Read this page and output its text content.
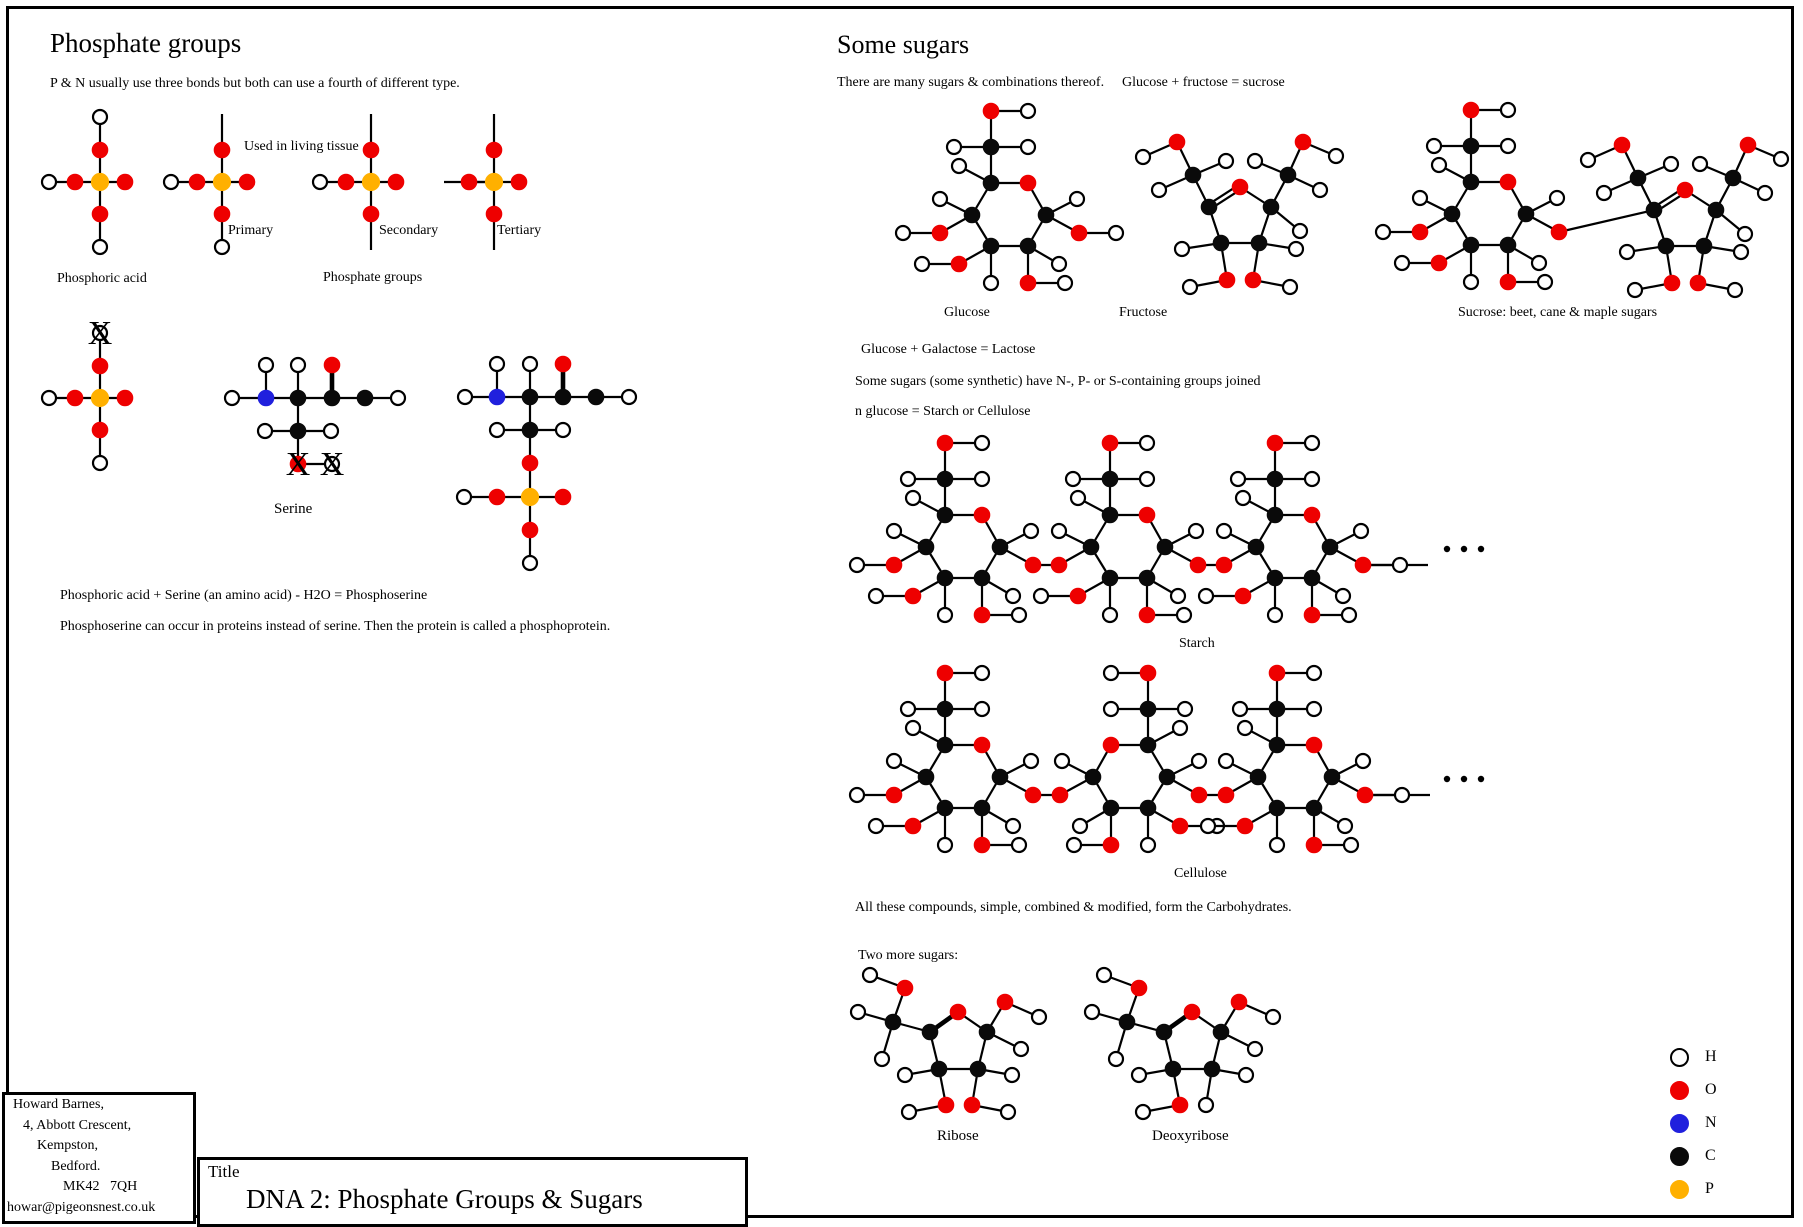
X
X X
Phosphate groups
P & N usually use three bonds but both can use a fourth of different type.
Used in living tissue
Primary	Secondary	Tertiary
Phosphoric acid	Phosphate groups
Serine
Phosphoric acid + Serine (an amino acid) - H2O = Phosphoserine
Phosphoserine can occur in proteins instead of serine. Then the protein is called a phosphoprotein.
Some sugars
There are many sugars & combinations thereof. Glucose + fructose = sucrose
Glucose	Fructose	Sucrose: beet, cane & maple sugars
Glucose + Galactose = Lactose
Some sugars (some synthetic) have N-, P- or S-containing groups joined
n glucose = Starch or Cellulose
Starch
Cellulose
All these compounds, simple, combined & modified, form the Carbohydrates.
Two more sugars:
Ribose	Deoxyribose
H
O
N
C
P
Howard Barnes,
4, Abbott Crescent,
Kempston,
Bedford.
MK42   7QH
howar@pigeonsnest.co.uk
Title
DNA 2: Phosphate Groups & Sugars
